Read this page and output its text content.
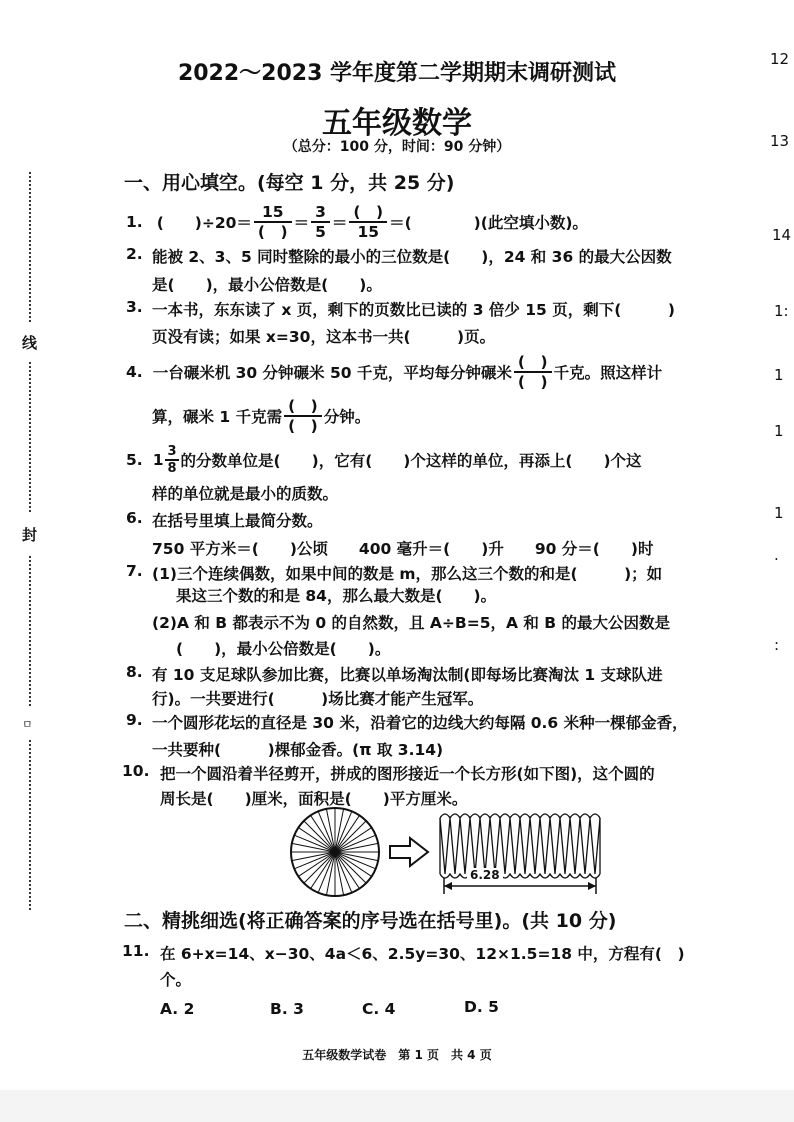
2022～2023 学年度第二学期期末调研测试
五年级数学
（总分：100 分，时间：90 分钟）
线
封
ㅁ
12
13
14
1:
1
1
1
.
:
一、用心填空。(每空 1 分，共 25 分)
1. (　　)$\div 20= \frac{15}{( )} = \frac{3}{5} = \frac{( )}{15}$ ＝(　　　　)(此空填小数)。
2. 能被 2、3、5 同时整除的最小的三位数是(　　)，24 和 36 的最大公因数
是(　　)，最小公倍数是(　　)。
3. 一本书，东东读了 x 页，剩下的页数比已读的 3 倍少 15 页，剩下(　　　)
页没有读；如果 x=30，这本书一共(　　　)页。
4. 一台碾米机 30 分钟碾米 50 千克，平均每分钟碾米 $\frac{( )}{( )}$ 千克。照这样计
算，碾米 1 千克需 $\frac{( )}{( )}$ 分钟。
5. $1 \frac{3}{8}$ 的分数单位是(　　)，它有(　　)个这样的单位，再添上(　　)个这
样的单位就是最小的质数。
6. 在括号里填上最简分数。
750 平方米＝(　　)公顷　　400 毫升＝(　　)升　　90 分＝(　　)时
7. (1)三个连续偶数，如果中间的数是 m，那么这三个数的和是(　　　)；如
果这三个数的和是 84，那么最大数是(　　)。
(2)A 和 B 都表示不为 0 的自然数，且 A÷B=5，A 和 B 的最大公因数是
(　　)，最小公倍数是(　　)。
8. 有 10 支足球队参加比赛，比赛以单场淘汰制(即每场比赛淘汰 1 支球队进
行)。一共要进行(　　　)场比赛才能产生冠军。
9. 一个圆形花坛的直径是 30 米，沿着它的边线大约每隔 0.6 米种一棵郁金香，
一共要种(　　　)棵郁金香。(π 取 3.14)
10. 把一个圆沿着半径剪开，拼成的图形接近一个长方形(如下图)，这个圆的
周长是(　　)厘米，面积是(　　)平方厘米。
6.28
二、精挑细选(将正确答案的序号选在括号里)。(共 10 分)
11. 在 6+x=14、x−30、4a＜6、2.5y=30、12×1.5=18 中，方程有(　)
个。
A. 2	B. 3	C. 4	D. 5
五年级数学试卷　第 1 页　共 4 页
